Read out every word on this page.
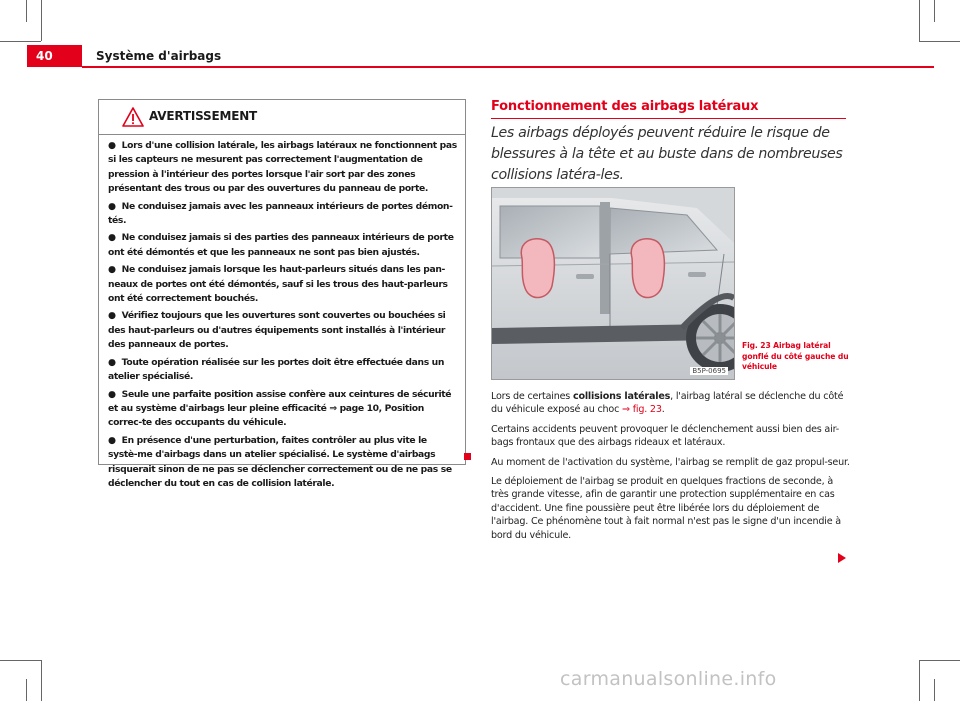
40	Système d'airbags
AVERTISSEMENT
● Lors d'une collision latérale, les airbags latéraux ne fonctionnent pas si les capteurs ne mesurent pas correctement l'augmentation de pression à l'intérieur des portes lorsque l'air sort par des zones présentant des trous ou par des ouvertures du panneau de porte.
● Ne conduisez jamais avec les panneaux intérieurs de portes démon-tés.
● Ne conduisez jamais si des parties des panneaux intérieurs de porte ont été démontés et que les panneaux ne sont pas bien ajustés.
● Ne conduisez jamais lorsque les haut-parleurs situés dans les pan-neaux de portes ont été démontés, sauf si les trous des haut-parleurs ont été correctement bouchés.
● Vérifiez toujours que les ouvertures sont couvertes ou bouchées si des haut-parleurs ou d'autres équipements sont installés à l'intérieur des panneaux de portes.
● Toute opération réalisée sur les portes doit être effectuée dans un atelier spécialisé.
● Seule une parfaite position assise confère aux ceintures de sécurité et au système d'airbags leur pleine efficacité ⇒ page 10, Position correc-te des occupants du véhicule.
● En présence d'une perturbation, faites contrôler au plus vite le systè-me d'airbags dans un atelier spécialisé. Le système d'airbags risquerait sinon de ne pas se déclencher correctement ou de ne pas se déclencher du tout en cas de collision latérale.
Fonctionnement des airbags latéraux
Les airbags déployés peuvent réduire le risque de blessures à la tête et au buste dans de nombreuses collisions latéra-les.
B5P-0695
Fig. 23 Airbag latéral gonflé du côté gauche du véhicule

Lors de certaines collisions latérales, l'airbag latéral se déclenche du côté du véhicule exposé au choc ⇒ fig. 23.

Certains accidents peuvent provoquer le déclenchement aussi bien des air-bags frontaux que des airbags rideaux et latéraux.

Au moment de l'activation du système, l'airbag se remplit de gaz propul-seur.

Le déploiement de l'airbag se produit en quelques fractions de seconde, à très grande vitesse, afin de garantir une protection supplémentaire en cas d'accident. Une fine poussière peut être libérée lors du déploiement de l'airbag. Ce phénomène tout à fait normal n'est pas le signe d'un incendie à bord du véhicule.

carmanualsonline.info
